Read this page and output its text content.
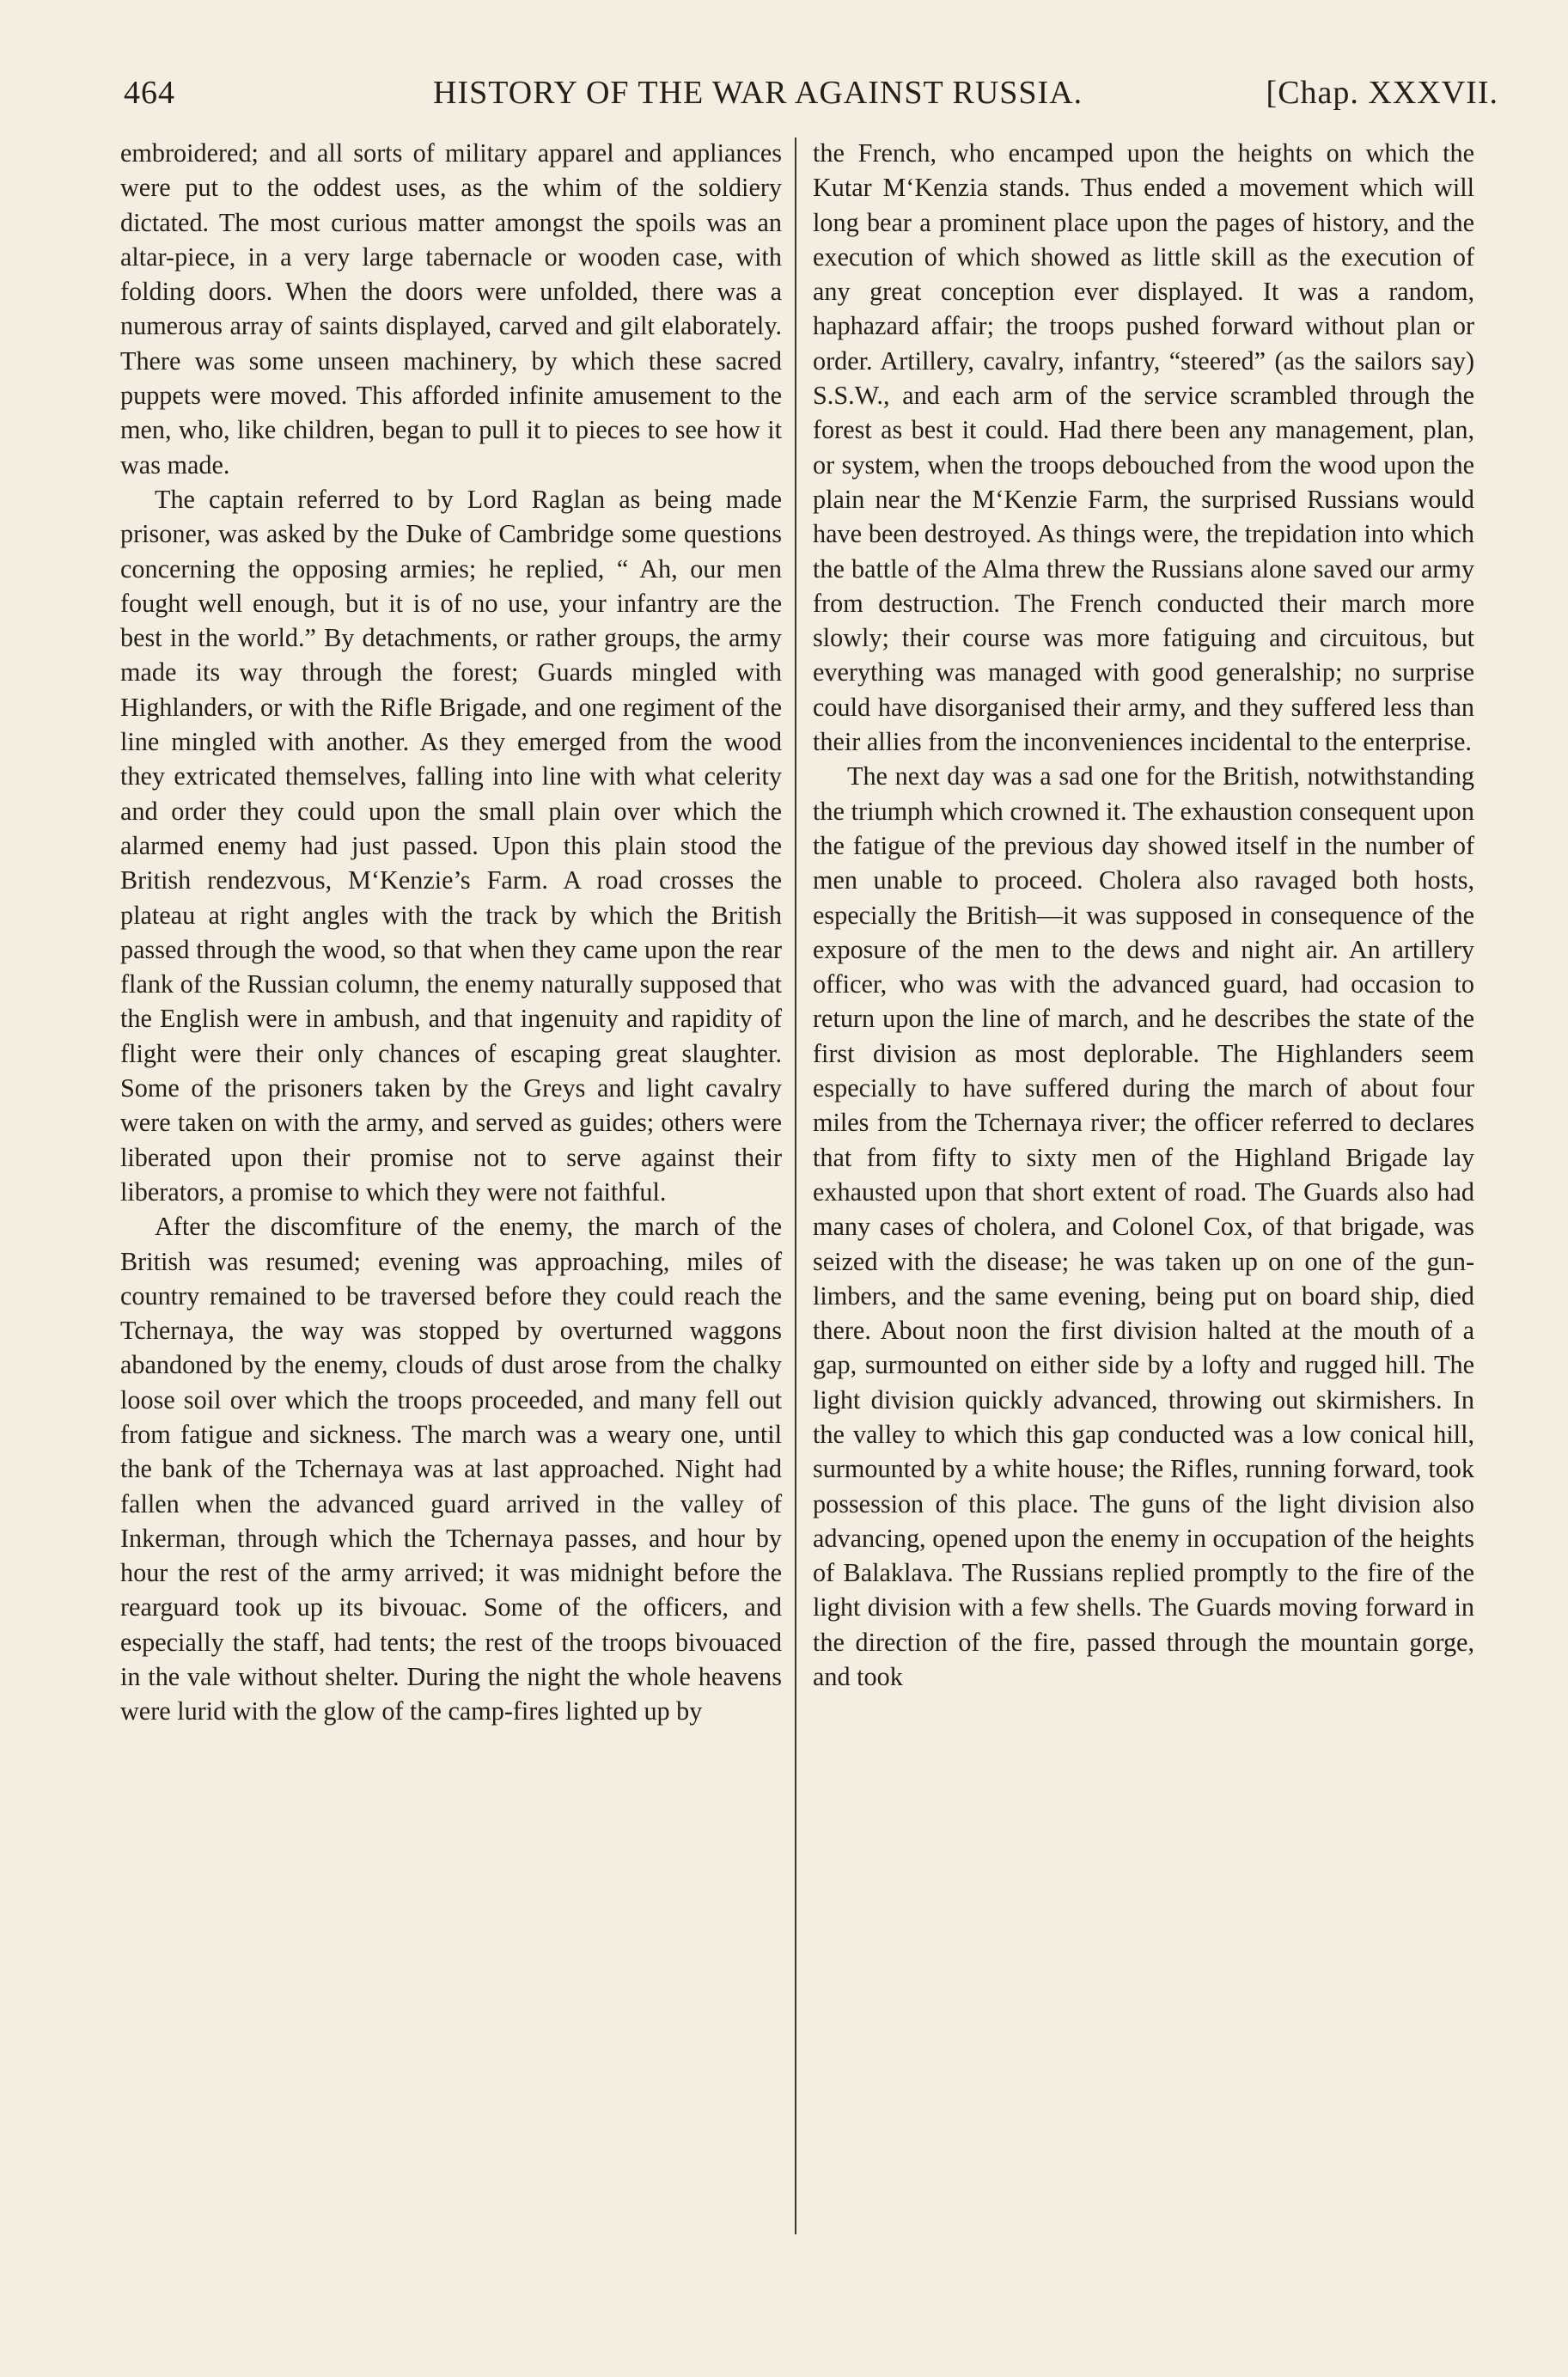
464	HISTORY OF THE WAR AGAINST RUSSIA.	[Chap. XXXVII.

embroidered; and all sorts of military apparel and appliances were put to the oddest uses, as the whim of the soldiery dictated. The most curious matter amongst the spoils was an altar-piece, in a very large tabernacle or wooden case, with folding doors. When the doors were unfolded, there was a numerous array of saints displayed, carved and gilt elaborately. There was some unseen machinery, by which these sacred puppets were moved. This afforded infinite amusement to the men, who, like children, began to pull it to pieces to see how it was made.

The captain referred to by Lord Raglan as being made prisoner, was asked by the Duke of Cambridge some questions concerning the opposing armies; he replied, “ Ah, our men fought well enough, but it is of no use, your infantry are the best in the world.” By detachments, or rather groups, the army made its way through the forest; Guards mingled with Highlanders, or with the Rifle Brigade, and one regiment of the line mingled with another. As they emerged from the wood they extricated themselves, falling into line with what celerity and order they could upon the small plain over which the alarmed enemy had just passed. Upon this plain stood the British rendezvous, M‘Kenzie’s Farm. A road crosses the plateau at right angles with the track by which the British passed through the wood, so that when they came upon the rear flank of the Russian column, the enemy naturally supposed that the English were in ambush, and that ingenuity and rapidity of flight were their only chances of escaping great slaughter. Some of the prisoners taken by the Greys and light cavalry were taken on with the army, and served as guides; others were liberated upon their promise not to serve against their liberators, a promise to which they were not faithful.

After the discomfiture of the enemy, the march of the British was resumed; evening was approaching, miles of country remained to be traversed before they could reach the Tchernaya, the way was stopped by overturned waggons abandoned by the enemy, clouds of dust arose from the chalky loose soil over which the troops proceeded, and many fell out from fatigue and sickness. The march was a weary one, until the bank of the Tchernaya was at last approached. Night had fallen when the advanced guard arrived in the valley of Inkerman, through which the Tchernaya passes, and hour by hour the rest of the army arrived; it was midnight before the rearguard took up its bivouac. Some of the officers, and especially the staff, had tents; the rest of the troops bivouaced in the vale without shelter. During the night the whole heavens were lurid with the glow of the camp-fires lighted up by

the French, who encamped upon the heights on which the Kutar M‘Kenzia stands. Thus ended a movement which will long bear a prominent place upon the pages of history, and the execution of which showed as little skill as the execution of any great conception ever displayed. It was a random, haphazard affair; the troops pushed forward without plan or order. Artillery, cavalry, infantry, “steered” (as the sailors say) S.S.W., and each arm of the service scrambled through the forest as best it could. Had there been any management, plan, or system, when the troops debouched from the wood upon the plain near the M‘Kenzie Farm, the surprised Russians would have been destroyed. As things were, the trepidation into which the battle of the Alma threw the Russians alone saved our army from destruction. The French conducted their march more slowly; their course was more fatiguing and circuitous, but everything was managed with good generalship; no surprise could have disorganised their army, and they suffered less than their allies from the inconveniences incidental to the enterprise.

The next day was a sad one for the British, notwithstanding the triumph which crowned it. The exhaustion consequent upon the fatigue of the previous day showed itself in the number of men unable to proceed. Cholera also ravaged both hosts, especially the British—it was supposed in consequence of the exposure of the men to the dews and night air. An artillery officer, who was with the advanced guard, had occasion to return upon the line of march, and he describes the state of the first division as most deplorable. The Highlanders seem especially to have suffered during the march of about four miles from the Tchernaya river; the officer referred to declares that from fifty to sixty men of the Highland Brigade lay exhausted upon that short extent of road. The Guards also had many cases of cholera, and Colonel Cox, of that brigade, was seized with the disease; he was taken up on one of the gun-limbers, and the same evening, being put on board ship, died there. About noon the first division halted at the mouth of a gap, surmounted on either side by a lofty and rugged hill. The light division quickly advanced, throwing out skirmishers. In the valley to which this gap conducted was a low conical hill, surmounted by a white house; the Rifles, running forward, took possession of this place. The guns of the light division also advancing, opened upon the enemy in occupation of the heights of Balaklava. The Russians replied promptly to the fire of the light division with a few shells. The Guards moving forward in the direction of the fire, passed through the mountain gorge, and took
